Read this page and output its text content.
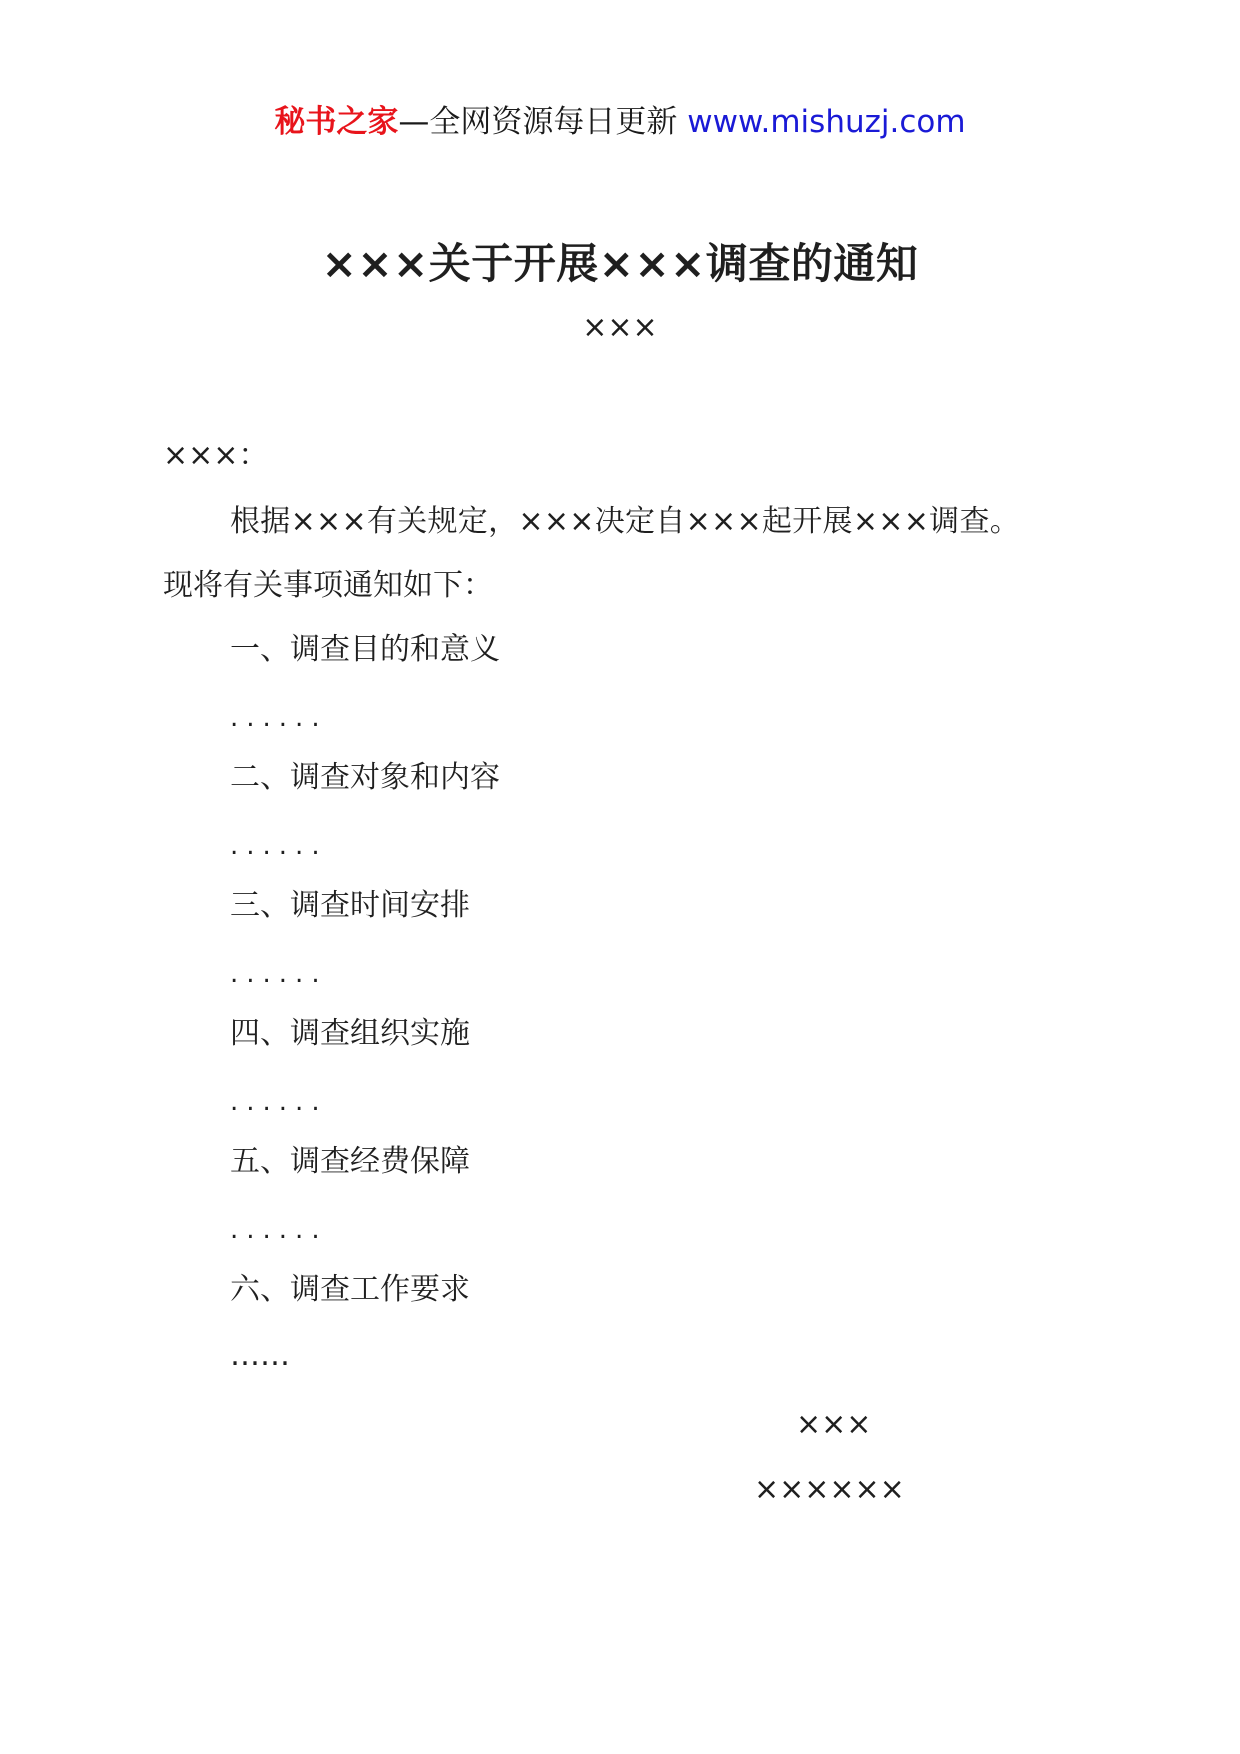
秘书之家—全网资源每日更新 www.mishuzj.com
×××关于开展×××调查的通知
×××
×××：
根据×××有关规定，×××决定自×××起开展×××调查。
现将有关事项通知如下：
一、调查目的和意义
......
二、调查对象和内容
......
三、调查时间安排
......
四、调查组织实施
......
五、调查经费保障
......
六、调查工作要求
……
×××
××××××
